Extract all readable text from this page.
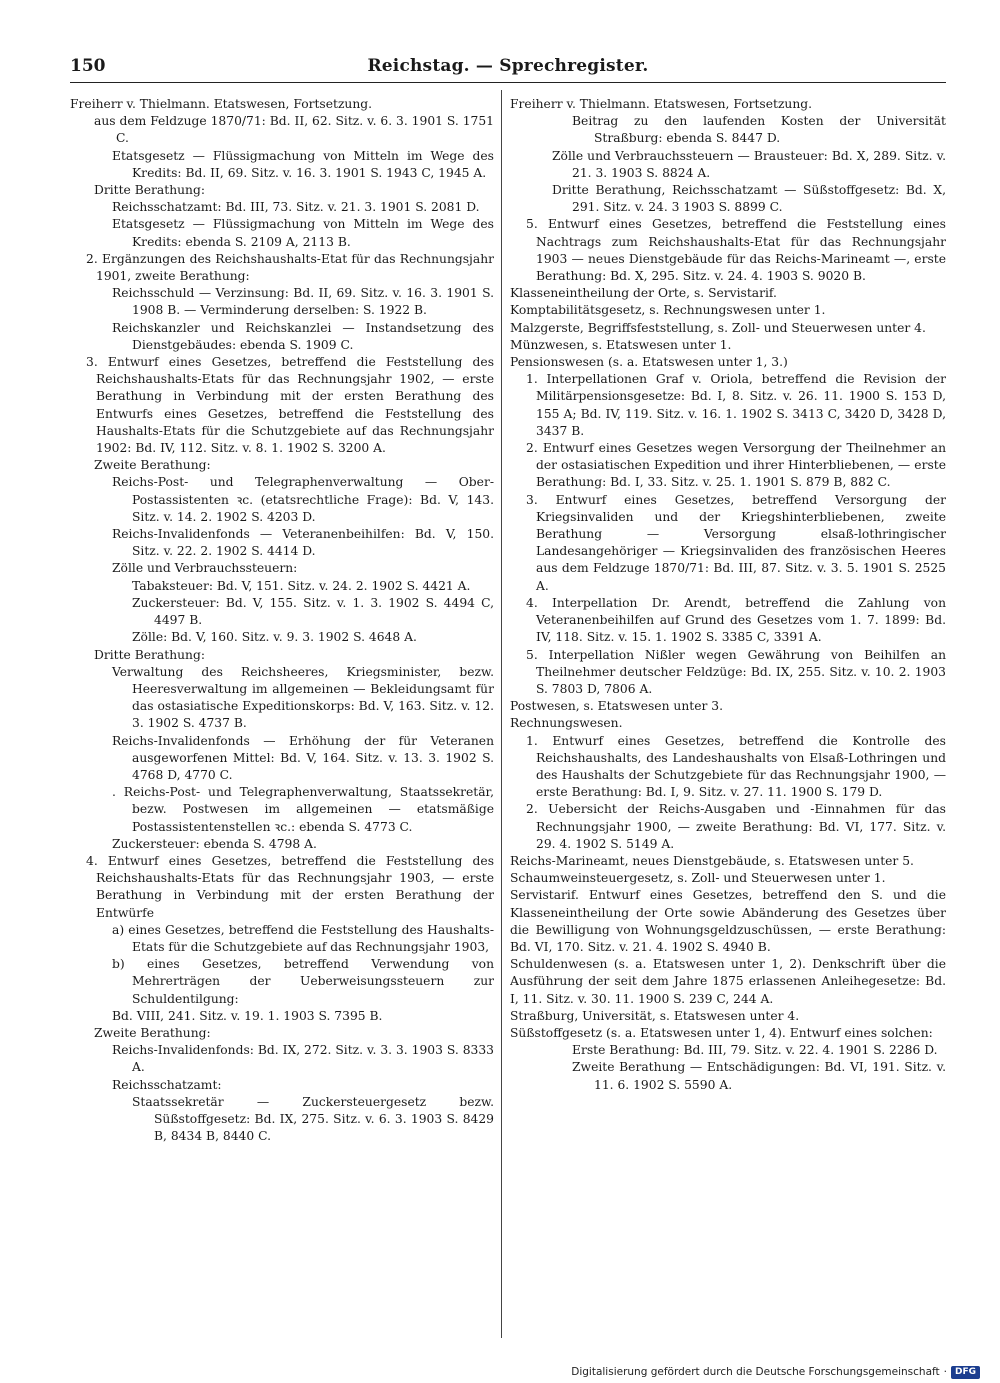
150	Reichstag. — Sprechregister.
Freiherr v. Thielmann. Etatswesen, Fortsetzung.
aus dem Feldzuge 1870/71: Bd. II, 62. Sitz. v. 6. 3. 1901 S. 1751 C.
Etatsgesetz — Flüssigmachung von Mitteln im Wege des Kredits: Bd. II, 69. Sitz. v. 16. 3. 1901 S. 1943 C, 1945 A.
Dritte Berathung:
Reichsschatzamt: Bd. III, 73. Sitz. v. 21. 3. 1901 S. 2081 D.
Etatsgesetz — Flüssigmachung von Mitteln im Wege des Kredits: ebenda S. 2109 A, 2113 B.
2. Ergänzungen des Reichshaushalts-Etat für das Rechnungsjahr 1901, zweite Berathung:
Reichsschuld — Verzinsung: Bd. II, 69. Sitz. v. 16. 3. 1901 S. 1908 B. — Verminderung derselben: S. 1922 B.
Reichskanzler und Reichskanzlei — Instandsetzung des Dienstgebäudes: ebenda S. 1909 C.
3. Entwurf eines Gesetzes, betreffend die Feststellung des Reichshaushalts-Etats für das Rechnungsjahr 1902, — erste Berathung in Verbindung mit der ersten Berathung des Entwurfs eines Gesetzes, betreffend die Feststellung des Haushalts-Etats für die Schutzgebiete auf das Rechnungsjahr 1902: Bd. IV, 112. Sitz. v. 8. 1. 1902 S. 3200 A.
Zweite Berathung:
Reichs-Post- und Telegraphenverwaltung — Ober-Postassistenten ꝛc. (etatsrechtliche Frage): Bd. V, 143. Sitz. v. 14. 2. 1902 S. 4203 D.
Reichs-Invalidenfonds — Veteranenbeihilfen: Bd. V, 150. Sitz. v. 22. 2. 1902 S. 4414 D.
Zölle und Verbrauchssteuern:
Tabaksteuer: Bd. V, 151. Sitz. v. 24. 2. 1902 S. 4421 A.
Zuckersteuer: Bd. V, 155. Sitz. v. 1. 3. 1902 S. 4494 C, 4497 B.
Zölle: Bd. V, 160. Sitz. v. 9. 3. 1902 S. 4648 A.
Dritte Berathung:
Verwaltung des Reichsheeres, Kriegsminister, bezw. Heeresverwaltung im allgemeinen — Bekleidungsamt für das ostasiatische Expeditionskorps: Bd. V, 163. Sitz. v. 12. 3. 1902 S. 4737 B.
Reichs-Invalidenfonds — Erhöhung der für Veteranen ausgeworfenen Mittel: Bd. V, 164. Sitz. v. 13. 3. 1902 S. 4768 D, 4770 C.
. Reichs-Post- und Telegraphenverwaltung, Staatssekretär, bezw. Postwesen im allgemeinen — etatsmäßige Postassistentenstellen ꝛc.: ebenda S. 4773 C.
Zuckersteuer: ebenda S. 4798 A.
4. Entwurf eines Gesetzes, betreffend die Feststellung des Reichshaushalts-Etats für das Rechnungsjahr 1903, — erste Berathung in Verbindung mit der ersten Berathung der Entwürfe
a) eines Gesetzes, betreffend die Feststellung des Haushalts-Etats für die Schutzgebiete auf das Rechnungsjahr 1903,
b) eines Gesetzes, betreffend Verwendung von Mehrerträgen der Ueberweisungssteuern zur Schuldentilgung:
Bd. VIII, 241. Sitz. v. 19. 1. 1903 S. 7395 B.
Zweite Berathung:
Reichs-Invalidenfonds: Bd. IX, 272. Sitz. v. 3. 3. 1903 S. 8333 A.
Reichsschatzamt:
Staatssekretär — Zuckersteuergesetz bezw. Süßstoffgesetz: Bd. IX, 275. Sitz. v. 6. 3. 1903 S. 8429 B, 8434 B, 8440 C.
Freiherr v. Thielmann. Etatswesen, Fortsetzung.
Beitrag zu den laufenden Kosten der Universität Straßburg: ebenda S. 8447 D.
Zölle und Verbrauchssteuern — Brausteuer: Bd. X, 289. Sitz. v. 21. 3. 1903 S. 8824 A.
Dritte Berathung, Reichsschatzamt — Süßstoffgesetz: Bd. X, 291. Sitz. v. 24. 3 1903 S. 8899 C.
5. Entwurf eines Gesetzes, betreffend die Feststellung eines Nachtrags zum Reichshaushalts-Etat für das Rechnungsjahr 1903 — neues Dienstgebäude für das Reichs-Marineamt —, erste Berathung: Bd. X, 295. Sitz. v. 24. 4. 1903 S. 9020 B.
Klasseneintheilung der Orte, s. Servistarif.
Komptabilitätsgesetz, s. Rechnungswesen unter 1.
Malzgerste, Begriffsfeststellung, s. Zoll- und Steuerwesen unter 4.
Münzwesen, s. Etatswesen unter 1.
Pensionswesen (s. a. Etatswesen unter 1, 3.)
1. Interpellationen Graf v. Oriola, betreffend die Revision der Militärpensionsgesetze: Bd. I, 8. Sitz. v. 26. 11. 1900 S. 153 D, 155 A; Bd. IV, 119. Sitz. v. 16. 1. 1902 S. 3413 C, 3420 D, 3428 D, 3437 B.
2. Entwurf eines Gesetzes wegen Versorgung der Theilnehmer an der ostasiatischen Expedition und ihrer Hinterbliebenen, — erste Berathung: Bd. I, 33. Sitz. v. 25. 1. 1901 S. 879 B, 882 C.
3. Entwurf eines Gesetzes, betreffend Versorgung der Kriegsinvaliden und der Kriegshinterbliebenen, zweite Berathung — Versorgung elsaß-lothringischer Landesangehöriger — Kriegsinvaliden des französischen Heeres aus dem Feldzuge 1870/71: Bd. III, 87. Sitz. v. 3. 5. 1901 S. 2525 A.
4. Interpellation Dr. Arendt, betreffend die Zahlung von Veteranenbeihilfen auf Grund des Gesetzes vom 1. 7. 1899: Bd. IV, 118. Sitz. v. 15. 1. 1902 S. 3385 C, 3391 A.
5. Interpellation Nißler wegen Gewährung von Beihilfen an Theilnehmer deutscher Feldzüge: Bd. IX, 255. Sitz. v. 10. 2. 1903 S. 7803 D, 7806 A.
Postwesen, s. Etatswesen unter 3.
Rechnungswesen.
1. Entwurf eines Gesetzes, betreffend die Kontrolle des Reichshaushalts, des Landeshaushalts von Elsaß-Lothringen und des Haushalts der Schutzgebiete für das Rechnungsjahr 1900, — erste Berathung: Bd. I, 9. Sitz. v. 27. 11. 1900 S. 179 D.
2. Uebersicht der Reichs-Ausgaben und -Einnahmen für das Rechnungsjahr 1900, — zweite Berathung: Bd. VI, 177. Sitz. v. 29. 4. 1902 S. 5149 A.
Reichs-Marineamt, neues Dienstgebäude, s. Etatswesen unter 5.
Schaumweinsteuergesetz, s. Zoll- und Steuerwesen unter 1.
Servistarif. Entwurf eines Gesetzes, betreffend den S. und die Klasseneintheilung der Orte sowie Abänderung des Gesetzes über die Bewilligung von Wohnungsgeldzuschüssen, — erste Berathung: Bd. VI, 170. Sitz. v. 21. 4. 1902 S. 4940 B.
Schuldenwesen (s. a. Etatswesen unter 1, 2). Denkschrift über die Ausführung der seit dem Jahre 1875 erlassenen Anleihegesetze: Bd. I, 11. Sitz. v. 30. 11. 1900 S. 239 C, 244 A.
Straßburg, Universität, s. Etatswesen unter 4.
Süßstoffgesetz (s. a. Etatswesen unter 1, 4). Entwurf eines solchen:
Erste Berathung: Bd. III, 79. Sitz. v. 22. 4. 1901 S. 2286 D.
Zweite Berathung — Entschädigungen: Bd. VI, 191. Sitz. v. 11. 6. 1902 S. 5590 A.
Digitalisierung gefördert durch die Deutsche Forschungsgemeinschaft · DFG
